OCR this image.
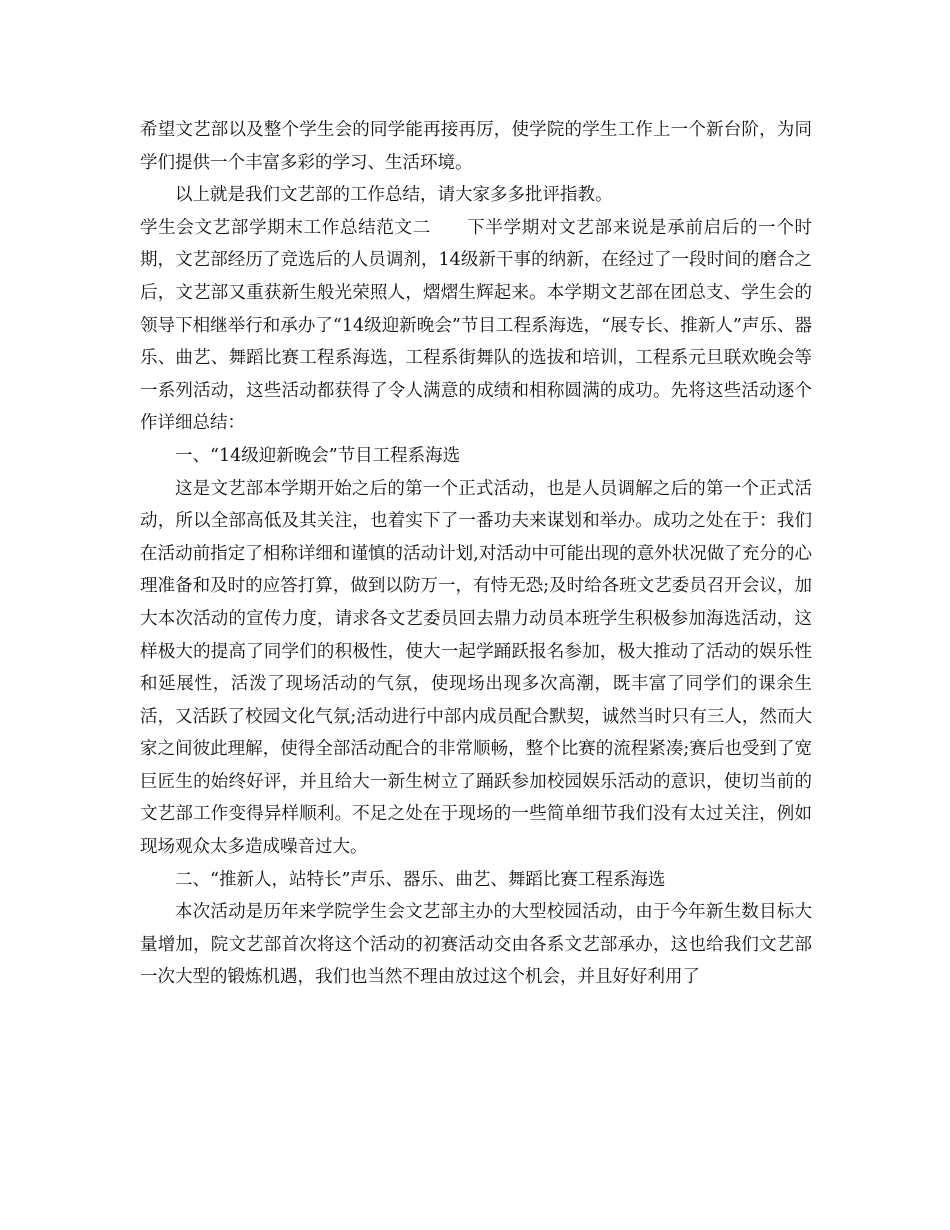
希望文艺部以及整个学生会的同学能再接再厉，使学院的学生工作上一个新台阶，为同学们提供一个丰富多彩的学习、生活环境。

以上就是我们文艺部的工作总结，请大家多多批评指教。

学生会文艺部学期末工作总结范文二　　下半学期对文艺部来说是承前启后的一个时期，文艺部经历了竞选后的人员调剂，14级新干事的纳新，在经过了一段时间的磨合之后，文艺部又重获新生般光荣照人，熠熠生辉起来。本学期文艺部在团总支、学生会的领导下相继举行和承办了“14级迎新晚会”节目工程系海选，“展专长、推新人”声乐、器乐、曲艺、舞蹈比赛工程系海选，工程系街舞队的选拔和培训，工程系元旦联欢晚会等一系列活动，这些活动都获得了令人满意的成绩和相称圆满的成功。先将这些活动逐个作详细总结：

一、“14级迎新晚会”节目工程系海选

这是文艺部本学期开始之后的第一个正式活动，也是人员调解之后的第一个正式活动，所以全部高低及其关注，也着实下了一番功夫来谋划和举办。成功之处在于：我们在活动前指定了相称详细和谨慎的活动计划,对活动中可能出现的意外状况做了充分的心理准备和及时的应答打算，做到以防万一，有恃无恐;及时给各班文艺委员召开会议，加大本次活动的宣传力度，请求各文艺委员回去鼎力动员本班学生积极参加海选活动，这样极大的提高了同学们的积极性，使大一起学踊跃报名参加，极大推动了活动的娱乐性和延展性，活泼了现场活动的气氛，使现场出现多次高潮，既丰富了同学们的课余生活，又活跃了校园文化气氛;活动进行中部内成员配合默契，诚然当时只有三人，然而大家之间彼此理解，使得全部活动配合的非常顺畅，整个比赛的流程紧凑;赛后也受到了宽巨匠生的始终好评，并且给大一新生树立了踊跃参加校园娱乐活动的意识，使切当前的文艺部工作变得异样顺利。不足之处在于现场的一些简单细节我们没有太过关注，例如现场观众太多造成噪音过大。

二、“推新人，站特长”声乐、器乐、曲艺、舞蹈比赛工程系海选

本次活动是历年来学院学生会文艺部主办的大型校园活动，由于今年新生数目标大量增加，院文艺部首次将这个活动的初赛活动交由各系文艺部承办，这也给我们文艺部一次大型的锻炼机遇，我们也当然不理由放过这个机会，并且好好利用了
